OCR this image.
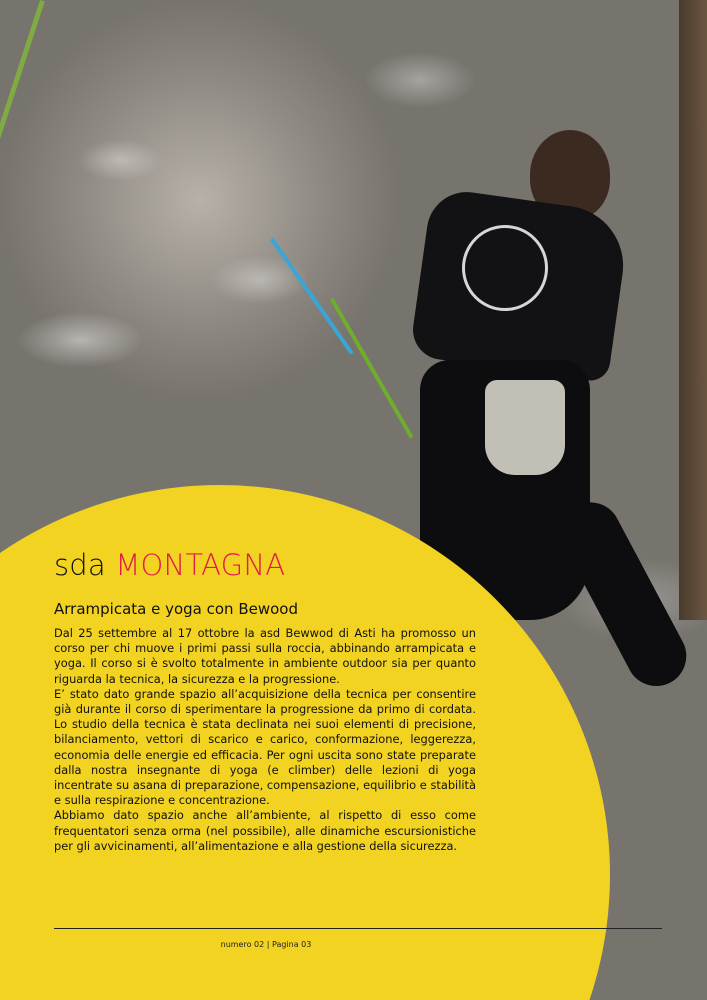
sda MONTAGNA
Arrampicata e yoga con Bewood

Dal 25 settembre al 17 ottobre la asd Bewwod di Asti ha promosso un corso per chi muove i primi passi sulla roccia, abbinando arrampicata e yoga. Il corso si è svolto totalmente in ambiente outdoor sia per quanto riguarda la tecnica, la sicurezza e la progressione.

E’ stato dato grande spazio all’acquisizione della tecnica per consentire già durante il corso di sperimentare la progressione da primo di cordata. Lo studio della tecnica è stata declinata nei suoi elementi di precisione, bilanciamento, vettori di scarico e carico, conformazione, leggerezza, economia delle energie ed efficacia. Per ogni uscita sono state preparate dalla nostra insegnante di yoga (e climber) delle lezioni di yoga incentrate su asana di preparazione, compensazione, equilibrio e stabilità e sulla respirazione e concentrazione.

Abbiamo dato spazio anche all’ambiente, al rispetto di esso come frequentatori senza orma (nel possibile), alle dinamiche escursionistiche per gli avvicinamenti, all’alimentazione e alla gestione della sicurezza.

numero 02 | Pagina 03
